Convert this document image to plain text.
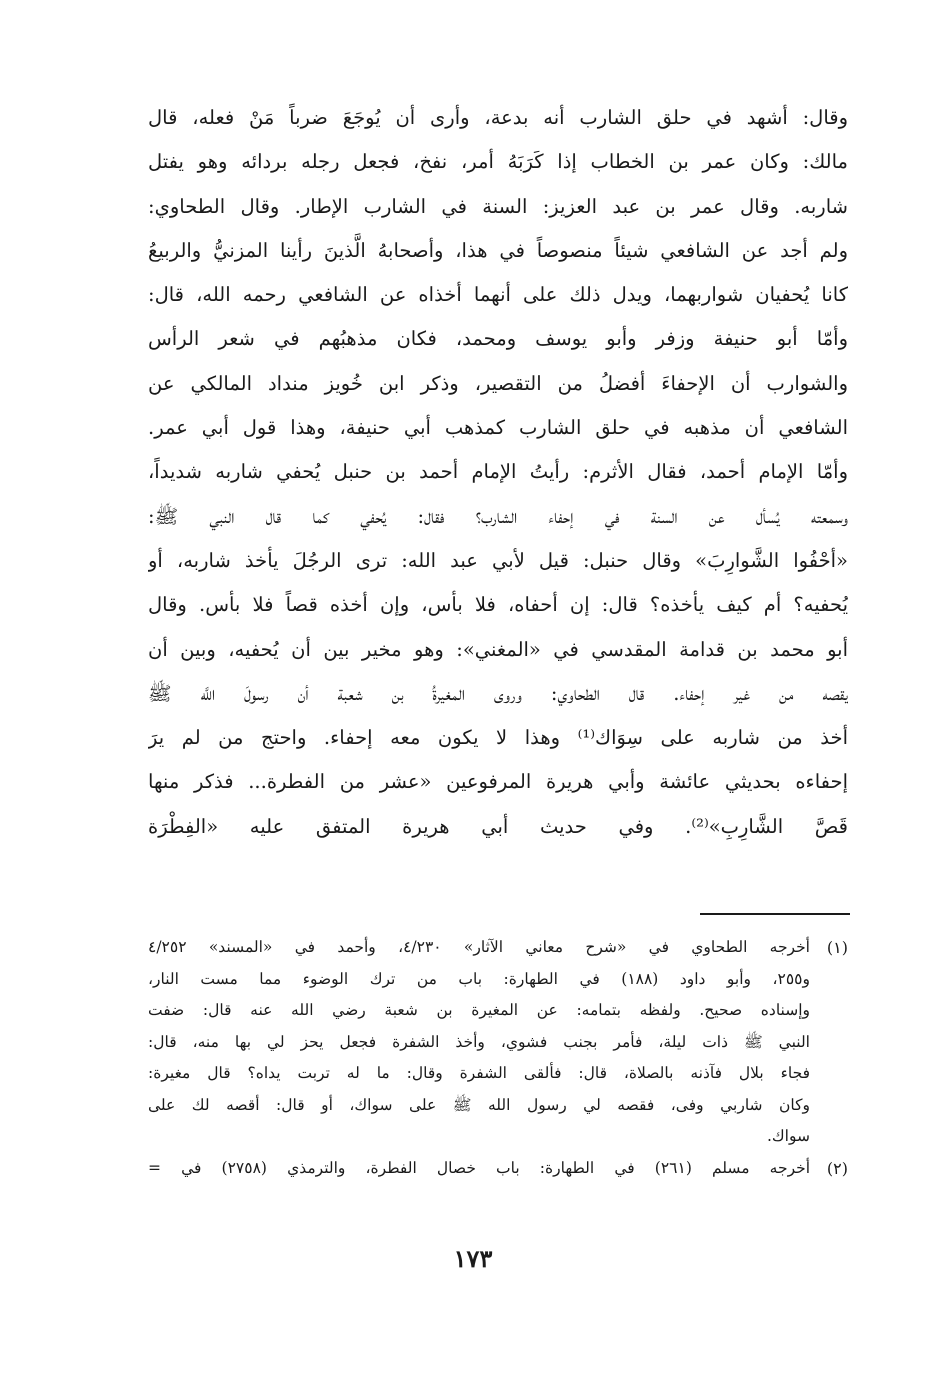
وقال: أشهد في حلق الشارب أنه بدعة، وأرى أن يُوجَعَ ضرباً مَنْ فعله، قال
مالك: وكان عمر بن الخطاب إذا كَرَبَهُ أمر، نفخ، فجعل رجله بردائه وهو يفتل
شاربه. وقال عمر بن عبد العزيز: السنة في الشارب الإطار. وقال الطحاوي:
ولم أجد عن الشافعي شيئاً منصوصاً في هذا، وأصحابهُ الَّذينَ رأينا المزنيُّ والربيعُ
كانا يُحفيان شواربهما، ويدل ذلك على أنهما أخذاه عن الشافعي رحمه الله، قال:
وأمّا أبو حنيفة وزفر وأبو يوسف ومحمد، فكان مذهبُهم في شعر الرأس
والشوارب أن الإحفاءَ أفضلُ من التقصير، وذكر ابن خُويز منداد المالكي عن
الشافعي أن مذهبه في حلق الشارب كمذهب أبي حنيفة، وهذا قول أبي عمر.
وأمّا الإمام أحمد، فقال الأثرم: رأيتُ الإمام أحمد بن حنبل يُحفي شاربه شديداً،
وسمعته يُسأل عن السنة في إحفاء الشارب؟ فقال: يُحفي كما قال النبي ﷺ:
«أحْفُوا الشَّوارِبَ» وقال حنبل: قيل لأبي عبد الله: ترى الرجُلَ يأخذ شاربه، أو
يُحفيه؟ أم كيف يأخذه؟ قال: إن أحفاه، فلا بأس، وإن أخذه قصاً فلا بأس. وقال
أبو محمد بن قدامة المقدسي في «المغني»: وهو مخير بين أن يُحفيه، وبين أن
يقصه من غير إحفاء. قال الطحاوي: وروى المغيرةُ بن شعبة أن رسولَ اللَّه ﷺ
أخذ من شاربه على سِوَاك⁽¹⁾ وهذا لا يكون معه إحفاء. واحتج من لم يرَ
إحفاءه بحديثي عائشة وأبي هريرة المرفوعين «عشر من الفطرة... فذكر منها
قَصَّ الشَّارِبِ»⁽²⁾. وفي حديث أبي هريرة المتفق عليه «الفِطْرَة
(١)
أخرجه الطحاوي في «شرح معاني الآثار» ٤/٢٣٠، وأحمد في «المسند» ٤/٢٥٢
و٢٥٥، وأبو داود (١٨٨) في الطهارة: باب من ترك الوضوء مما مست النار،
وإسناده صحيح. ولفظه بتمامه: عن المغيرة بن شعبة رضي الله عنه قال: ضفت
النبي ﷺ ذات ليلة، فأمر بجنب فشوي، وأخذ الشفرة فجعل يحز لي بها منه، قال:
فجاء بلال فآذنه بالصلاة، قال: فألقى الشفرة وقال: ما له تربت يداه؟ قال مغيرة:
وكان شاربي وفى، فقصه لي رسول الله ﷺ على سواك، أو قال: أقصه لك على
سواك.
(٢)
أخرجه مسلم (٢٦١) في الطهارة: باب خصال الفطرة، والترمذي (٢٧٥٨) في =
١٧٣
